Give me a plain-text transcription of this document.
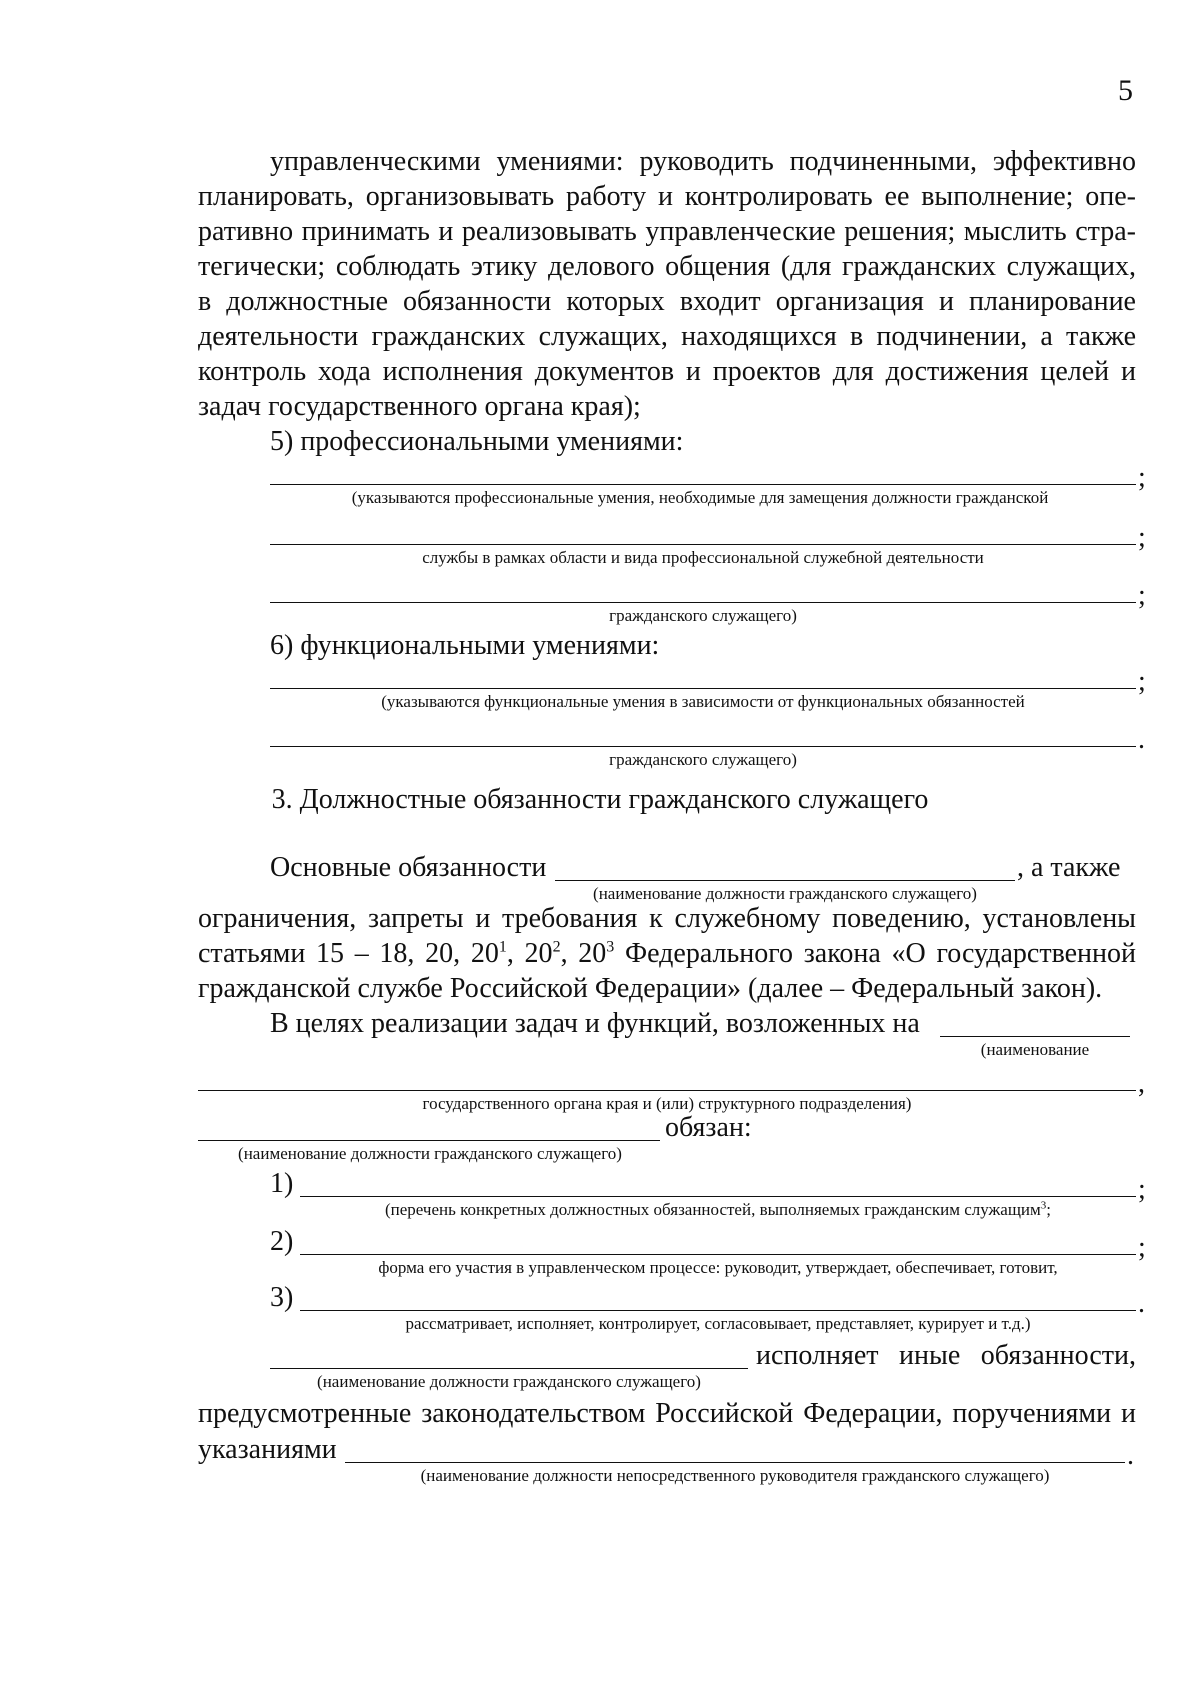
5
управленческими умениями: руководить подчиненными, эффективно
планировать, организовывать работу и контролировать ее выполнение; опе-
ративно принимать и реализовывать управленческие решения; мыслить стра-
тегически; соблюдать этику делового общения (для гражданских служащих,
в должностные обязанности которых входит организация и планирование
деятельности гражданских служащих, находящихся в подчинении, а также
контроль хода исполнения документов и проектов для достижения целей и
задач государственного органа края);
5) профессиональными умениями:
;
(указываются профессиональные умения, необходимые для замещения должности гражданской
;
службы в рамках области и вида профессиональной служебной деятельности
;
гражданского служащего)
6) функциональными умениями:
;
(указываются функциональные умения в зависимости от функциональных обязанностей
.
гражданского служащего)
3. Должностные обязанности гражданского служащего
Основные обязанности	, а также
(наименование должности гражданского служащего)
ограничения, запреты и требования к служебному поведению, установлены
статьями 15 – 18, 20, $20^1$, $20^2$, $20^3$ Федерального закона «О государственной
гражданской службе Российской Федерации» (далее – Федеральный закон).
В целях реализации задач и функций, возложенных на
(наименование
,
государственного органа края и (или) структурного подразделения)
обязан:
(наименование должности гражданского служащего)
1)	;
(перечень конкретных должностных обязанностей, выполняемых гражданским служащим$^3$;
2)	;
форма его участия в управленческом процессе: руководит, утверждает, обеспечивает, готовит,
3)	.
рассматривает, исполняет, контролирует, согласовывает, представляет, курирует и т.д.)
исполняет иные обязанности,
(наименование должности гражданского служащего)
предусмотренные законодательством Российской Федерации, поручениями и
указаниями	.
(наименование должности непосредственного руководителя гражданского служащего)
